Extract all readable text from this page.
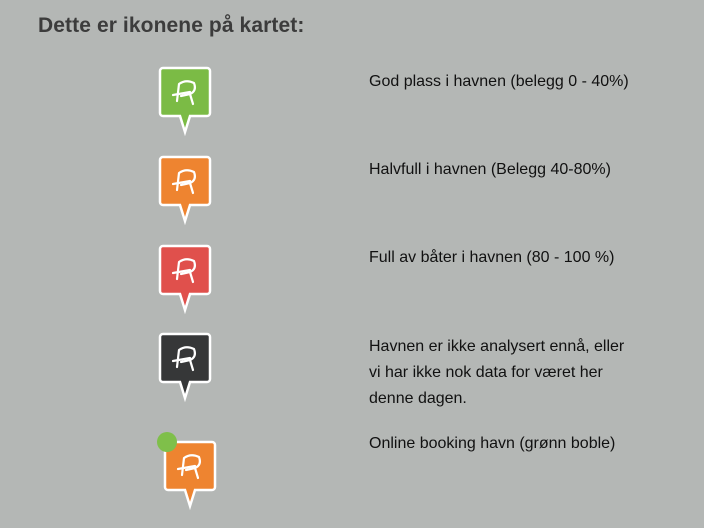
Dette er ikonene på kartet:
God plass i havnen (belegg 0 - 40%)
Halvfull i havnen (Belegg 40-80%)
Full av båter i havnen (80 - 100 %)
Havnen er ikke analysert ennå, eller
vi har ikke nok data for været her
denne dagen.
Online booking havn (grønn boble)
